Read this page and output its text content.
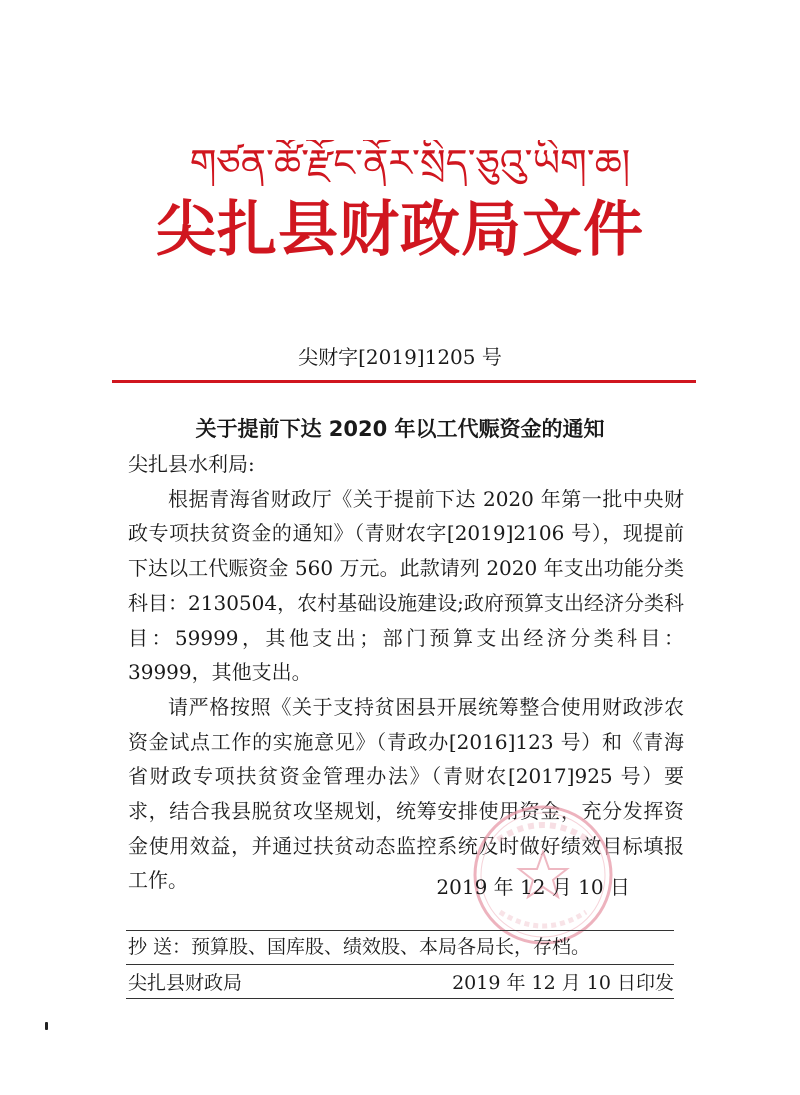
གཙན་ཚོ་རྫོང་ནོར་སྲིད་ཅུའུ་ཡིག་ཆ།
尖扎县财政局文件
尖财字[2019]1205 号
关于提前下达 2020 年以工代赈资金的通知

尖扎县水利局:

根据青海省财政厅《关于提前下达 2020 年第一批中央财政专项扶贫资金的通知》（青财农字[2019]2106 号），现提前下达以工代赈资金 560 万元。此款请列 2020 年支出功能分类科目：2130504，农村基础设施建设;政府预算支出经济分类科目：59999，其他支出；部门预算支出经济分类科目：39999，其他支出。

请严格按照《关于支持贫困县开展统筹整合使用财政涉农资金试点工作的实施意见》（青政办[2016]123 号）和《青海省财政专项扶贫资金管理办法》（青财农[2017]925 号）要求，结合我县脱贫攻坚规划，统筹安排使用资金，充分发挥资金使用效益，并通过扶贫动态监控系统及时做好绩效目标填报工作。	2019 年 12 月 10 日
抄 送：预算股、国库股、绩效股、本局各局长，存档。
尖扎县财政局	2019 年 12 月 10 日印发
